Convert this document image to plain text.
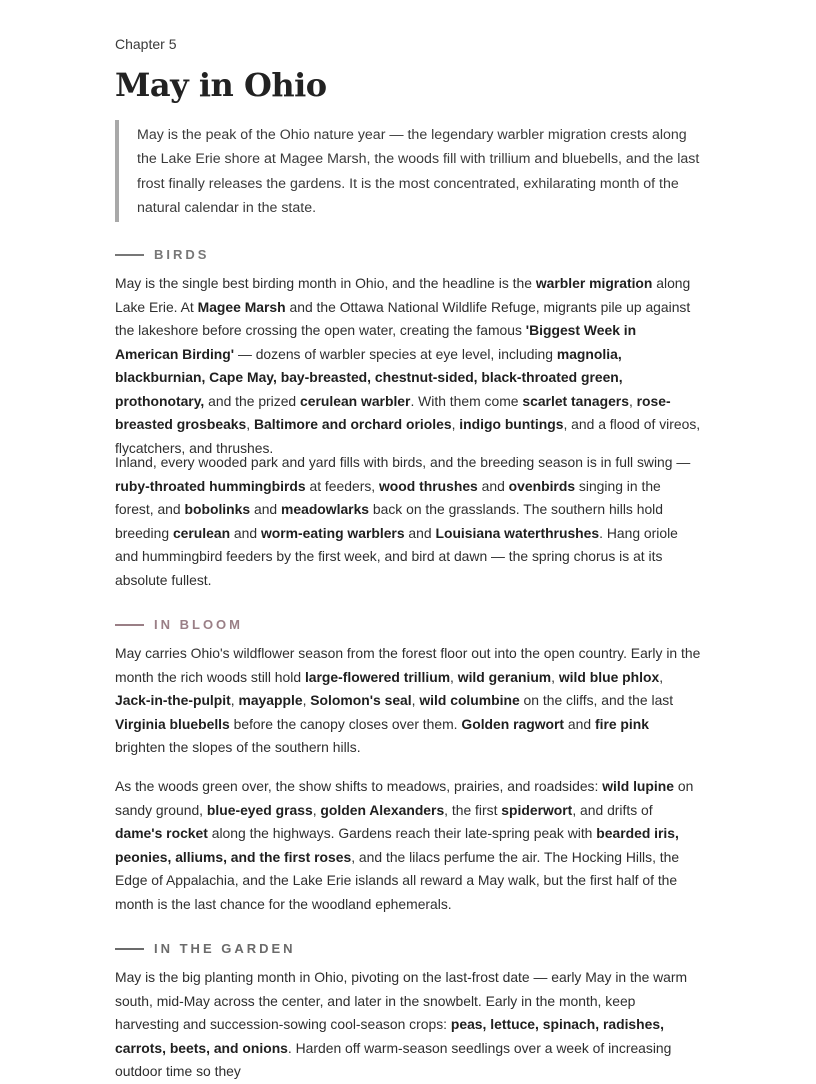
Chapter 5

May in Ohio
May is the peak of the Ohio nature year — the legendary warbler migration crests along the Lake Erie shore at Magee Marsh, the woods fill with trillium and bluebells, and the last frost finally releases the gardens. It is the most concentrated, exhilarating month of the natural calendar in the state.
BIRDS

May is the single best birding month in Ohio, and the headline is the warbler migration along Lake Erie. At Magee Marsh and the Ottawa National Wildlife Refuge, migrants pile up against the lakeshore before crossing the open water, creating the famous 'Biggest Week in American Birding' — dozens of warbler species at eye level, including magnolia, blackburnian, Cape May, bay-breasted, chestnut-sided, black-throated green, prothonotary, and the prized cerulean warbler. With them come scarlet tanagers, rose-breasted grosbeaks, Baltimore and orchard orioles, indigo buntings, and a flood of vireos, flycatchers, and thrushes.

Inland, every wooded park and yard fills with birds, and the breeding season is in full swing — ruby-throated hummingbirds at feeders, wood thrushes and ovenbirds singing in the forest, and bobolinks and meadowlarks back on the grasslands. The southern hills hold breeding cerulean and worm-eating warblers and Louisiana waterthrushes. Hang oriole and hummingbird feeders by the first week, and bird at dawn — the spring chorus is at its absolute fullest.

IN BLOOM

May carries Ohio's wildflower season from the forest floor out into the open country. Early in the month the rich woods still hold large-flowered trillium, wild geranium, wild blue phlox, Jack-in-the-pulpit, mayapple, Solomon's seal, wild columbine on the cliffs, and the last Virginia bluebells before the canopy closes over them. Golden ragwort and fire pink brighten the slopes of the southern hills.

As the woods green over, the show shifts to meadows, prairies, and roadsides: wild lupine on sandy ground, blue-eyed grass, golden Alexanders, the first spiderwort, and drifts of dame's rocket along the highways. Gardens reach their late-spring peak with bearded iris, peonies, alliums, and the first roses, and the lilacs perfume the air. The Hocking Hills, the Edge of Appalachia, and the Lake Erie islands all reward a May walk, but the first half of the month is the last chance for the woodland ephemerals.

IN THE GARDEN

May is the big planting month in Ohio, pivoting on the last-frost date — early May in the warm south, mid-May across the center, and later in the snowbelt. Early in the month, keep harvesting and succession-sowing cool-season crops: peas, lettuce, spinach, radishes, carrots, beets, and onions. Harden off warm-season seedlings over a week of increasing outdoor time so they
